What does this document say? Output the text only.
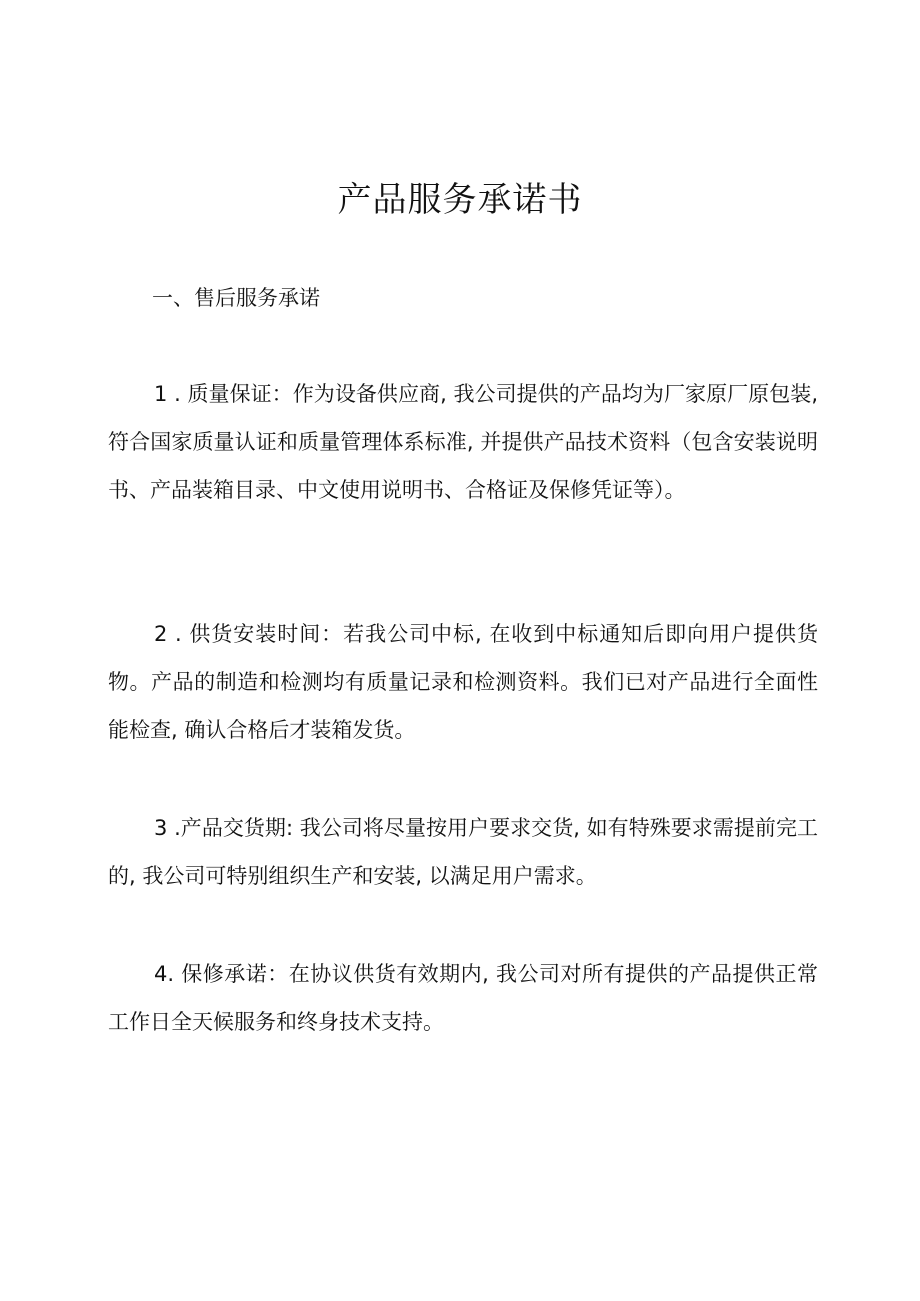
产品服务承诺书

一、售后服务承诺

1 . 质量保证：作为设备供应商, 我公司提供的产品均为厂家原厂原包装, 符合国家质量认证和质量管理体系标准, 并提供产品技术资料（包含安装说明书、产品装箱目录、中文使用说明书、合格证及保修凭证等）。

2 . 供货安装时间：若我公司中标, 在收到中标通知后即向用户提供货物。产品的制造和检测均有质量记录和检测资料。我们已对产品进行全面性能检查, 确认合格后才装箱发货。

3 .产品交货期: 我公司将尽量按用户要求交货, 如有特殊要求需提前完工的, 我公司可特别组织生产和安装, 以满足用户需求。

4. 保修承诺：在协议供货有效期内, 我公司对所有提供的产品提供正常工作日全天候服务和终身技术支持。
